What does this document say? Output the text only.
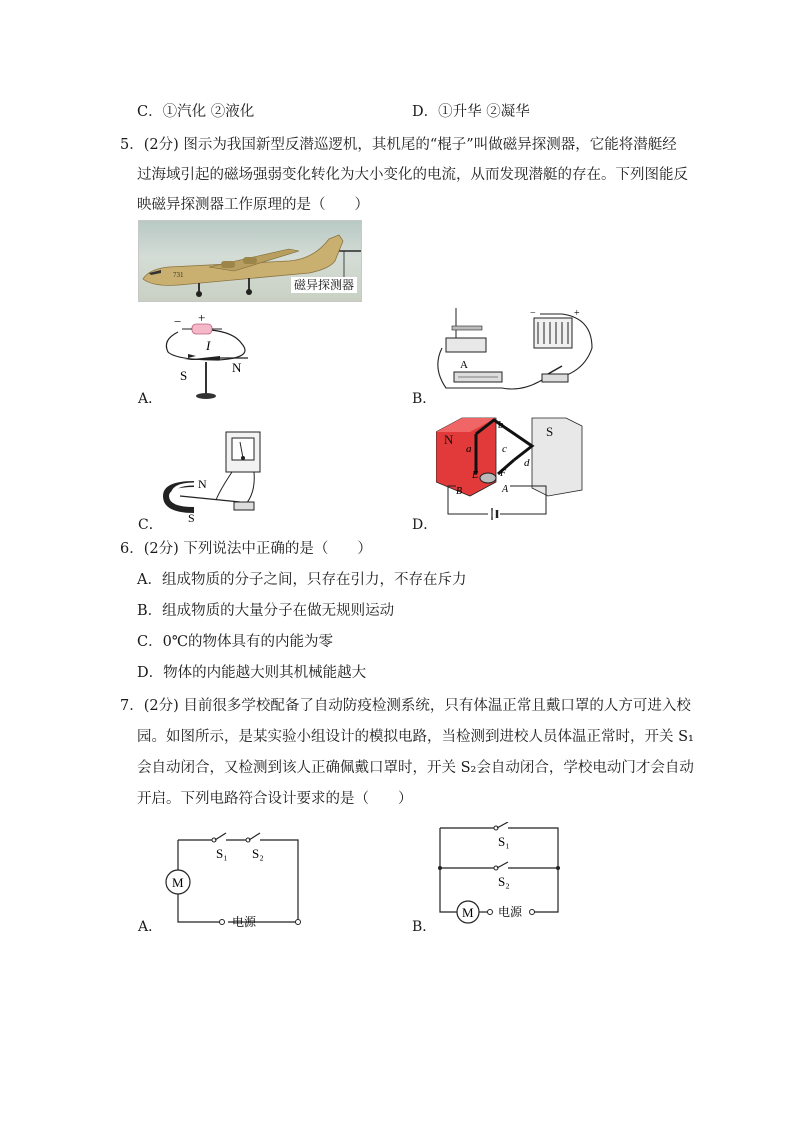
C．①汽化 ②液化	D．①升华 ②凝华
5．(2分) 图示为我国新型反潜巡逻机，其机尾的“棍子”叫做磁异探测器，它能将潜艇经
过海域引起的磁场强弱变化转化为大小变化的电流，从而发现潜艇的存在。下列图能反
映磁异探测器工作原理的是（　　）
731
磁异探测器
− +
I
S
N
A．
−	+
A
B．
N
S
C．
N
S
a
b
c
d
E F
B	A
D．
6．(2分) 下列说法中正确的是（　　）
A．组成物质的分子之间，只存在引力，不存在斥力
B．组成物质的大量分子在做无规则运动
C．0℃的物体具有的内能为零
D．物体的内能越大则其机械能越大
7．(2分) 目前很多学校配备了自动防疫检测系统，只有体温正常且戴口罩的人方可进入校
园。如图所示，是某实验小组设计的模拟电路，当检测到进校人员体温正常时，开关 S₁
会自动闭合，又检测到该人正确佩戴口罩时，开关 S₂会自动闭合，学校电动门才会自动
开启。下列电路符合设计要求的是（　　）
S₁ S₂
M
电源
A．
S₁
S₂
M 电源
B．
